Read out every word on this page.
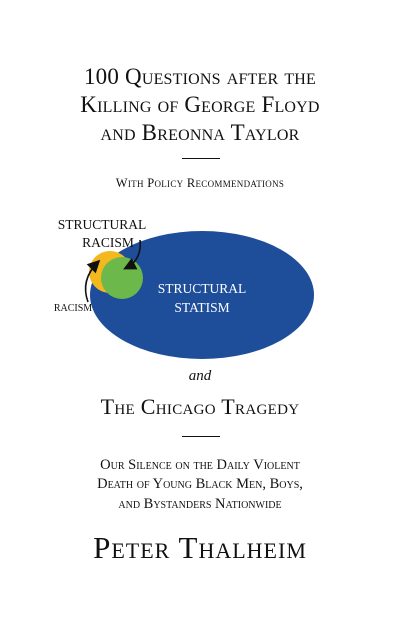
100 Questions after the
Killing of George Floyd
and Breonna Taylor
With Policy Recommendations
STRUCTURAL
RACISM
RACISM
STRUCTURAL
STATISM
and
The Chicago Tragedy
Our Silence on the Daily Violent
Death of Young Black Men, Boys,
and Bystanders Nationwide
Peter Thalheim
